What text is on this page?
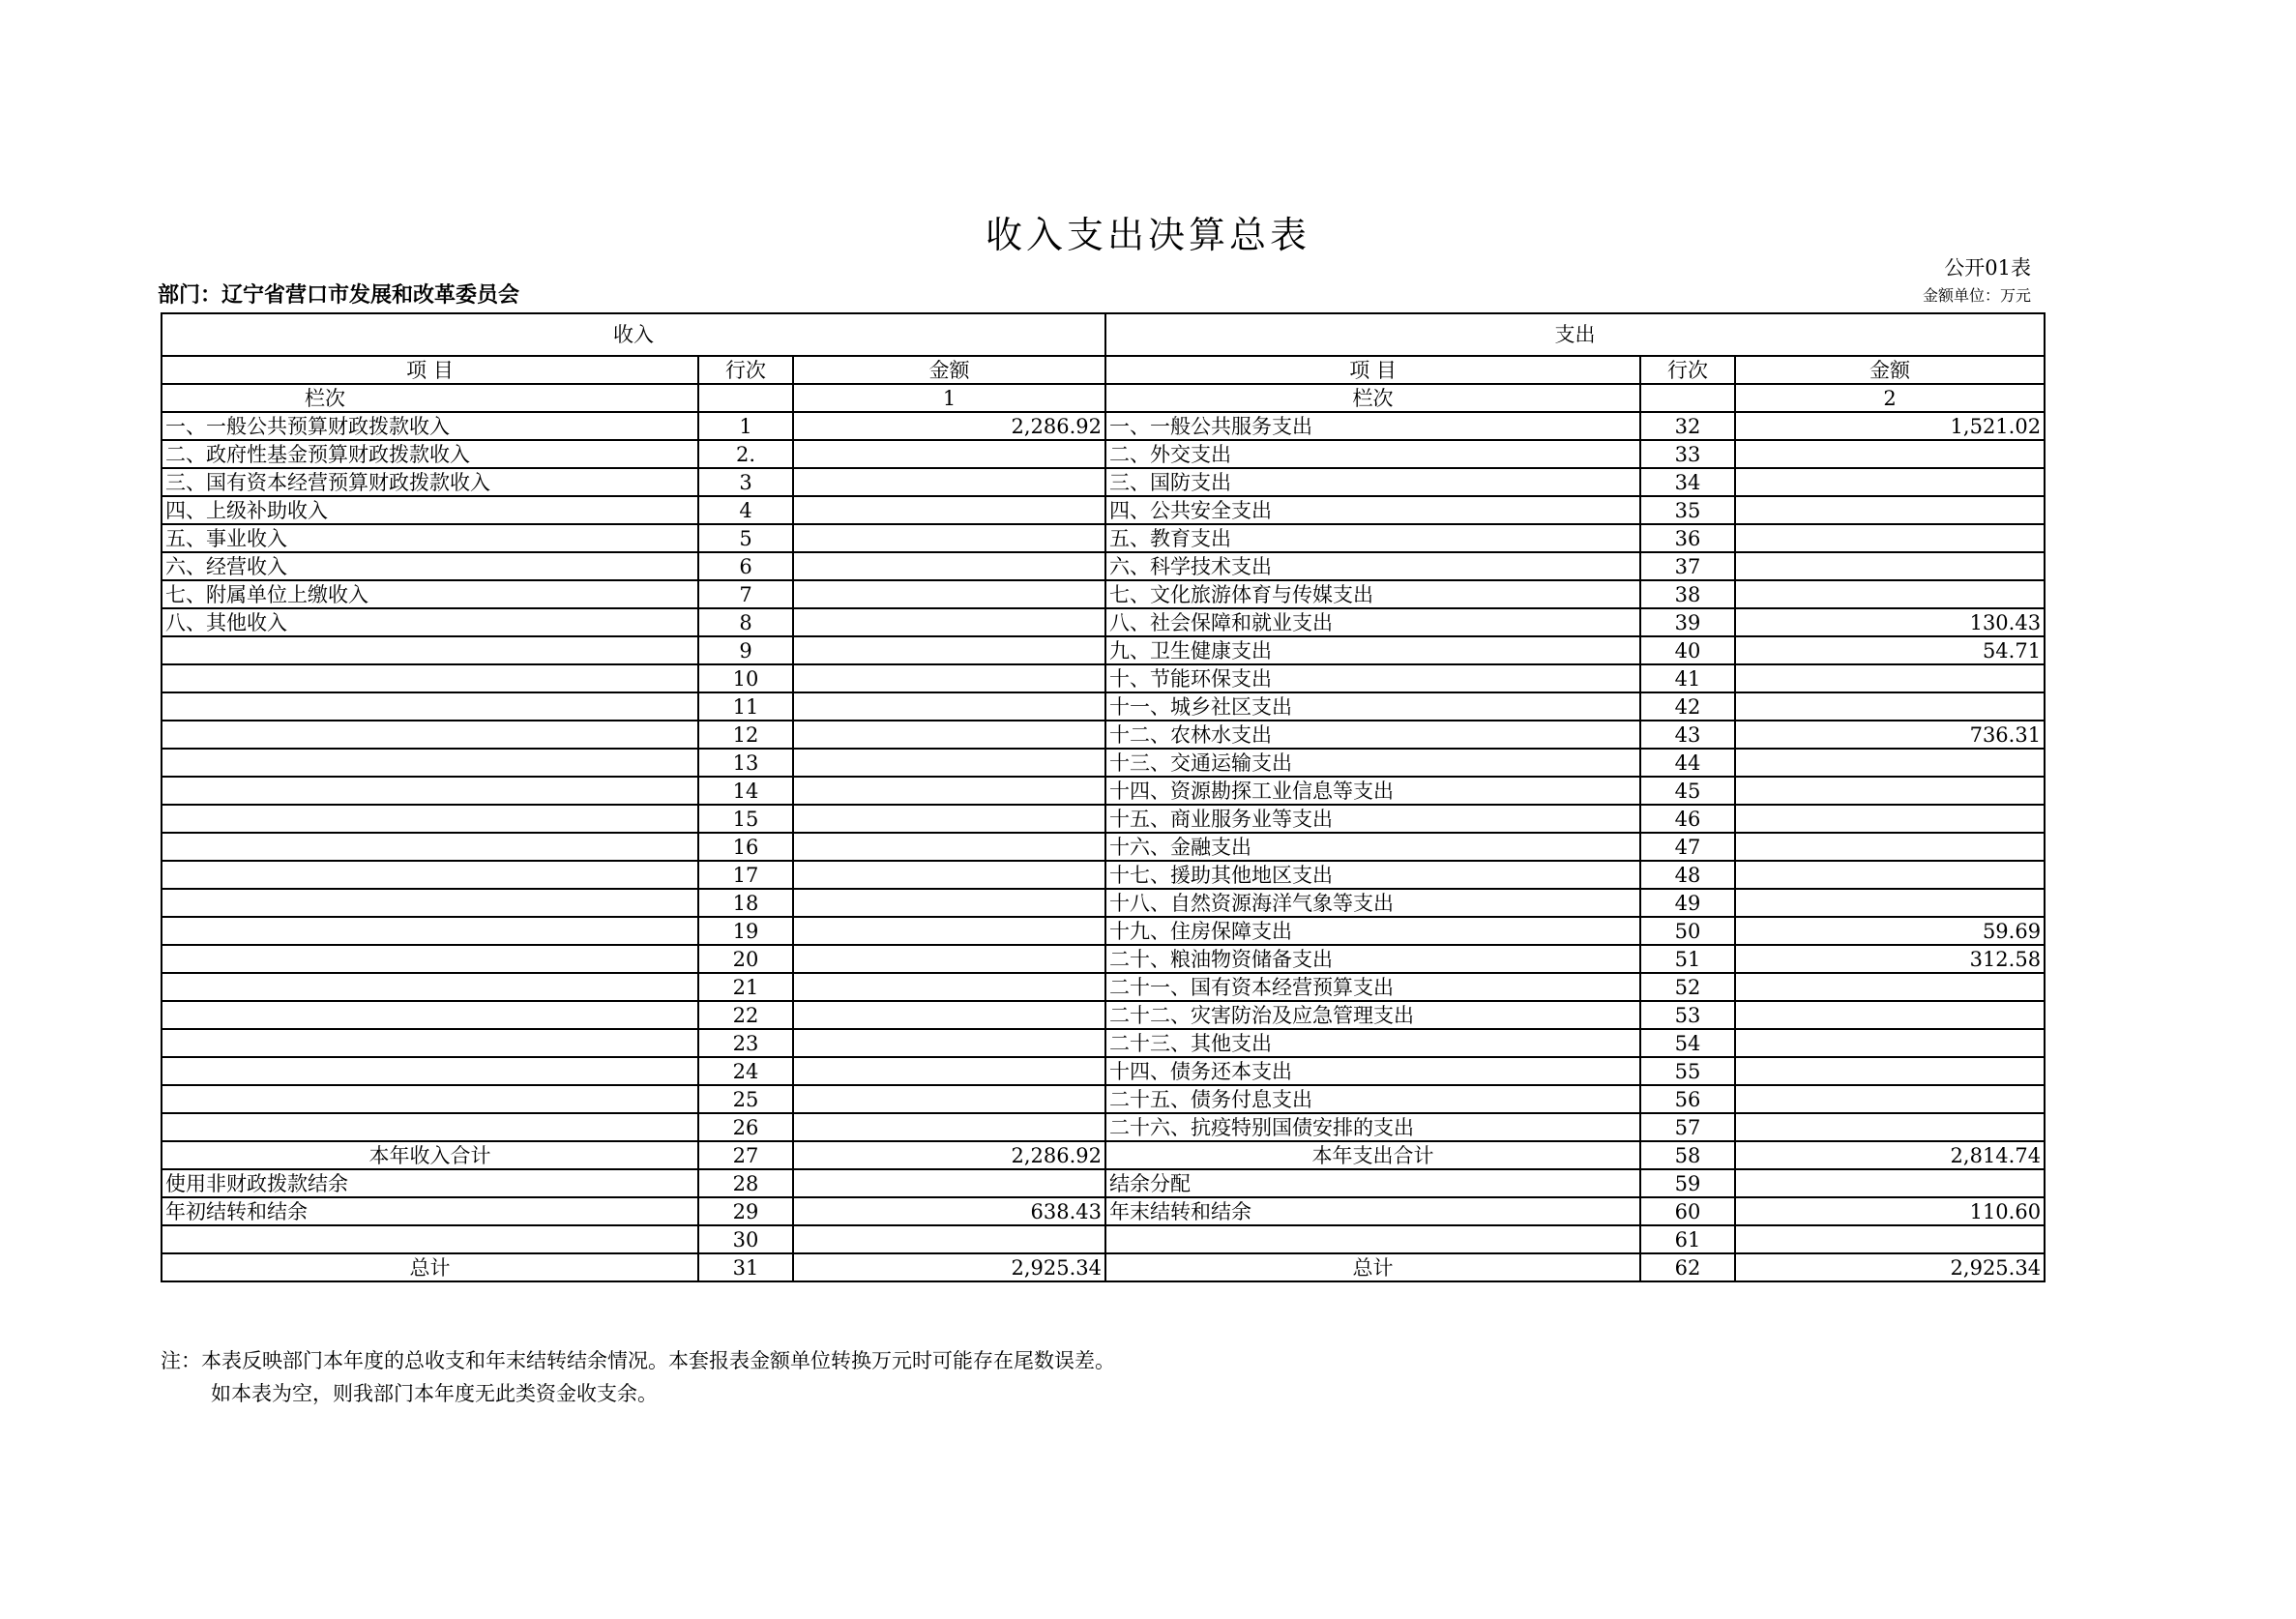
收入支出决算总表
公开01表
部门：辽宁省营口市发展和改革委员会	金额单位：万元
收入			支出		
项 目	行次	金额	项 目	行次	金额
栏次		1	栏次		2
一、一般公共预算财政拨款收入	1	2,286.92	一、一般公共服务支出	32	1,521.02
二、政府性基金预算财政拨款收入	2.		二、外交支出	33	
三、国有资本经营预算财政拨款收入	3		三、国防支出	34	
四、上级补助收入	4		四、公共安全支出	35	
五、事业收入	5		五、教育支出	36	
六、经营收入	6		六、科学技术支出	37	
七、附属单位上缴收入	7		七、文化旅游体育与传媒支出	38	
八、其他收入	8		八、社会保障和就业支出	39	130.43
	9		九、卫生健康支出	40	54.71
	10		十、节能环保支出	41	
	11		十一、城乡社区支出	42	
	12		十二、农林水支出	43	736.31
	13		十三、交通运输支出	44	
	14		十四、资源勘探工业信息等支出	45	
	15		十五、商业服务业等支出	46	
	16		十六、金融支出	47	
	17		十七、援助其他地区支出	48	
	18		十八、自然资源海洋气象等支出	49	
	19		十九、住房保障支出	50	59.69
	20		二十、粮油物资储备支出	51	312.58
	21		二十一、国有资本经营预算支出	52	
	22		二十二、灾害防治及应急管理支出	53	
	23		二十三、其他支出	54	
	24		十四、债务还本支出	55	
	25		二十五、债务付息支出	56	
	26		二十六、抗疫特别国债安排的支出	57	
本年收入合计	27	2,286.92	本年支出合计	58	2,814.74
使用非财政拨款结余	28		结余分配	59	
年初结转和结余	29	638.43	年末结转和结余	60	110.60
	30			61	
总计	31	2,925.34	总计	62	2,925.34
注：本表反映部门本年度的总收支和年末结转结余情况。本套报表金额单位转换万元时可能存在尾数误差。
如本表为空，则我部门本年度无此类资金收支余。
